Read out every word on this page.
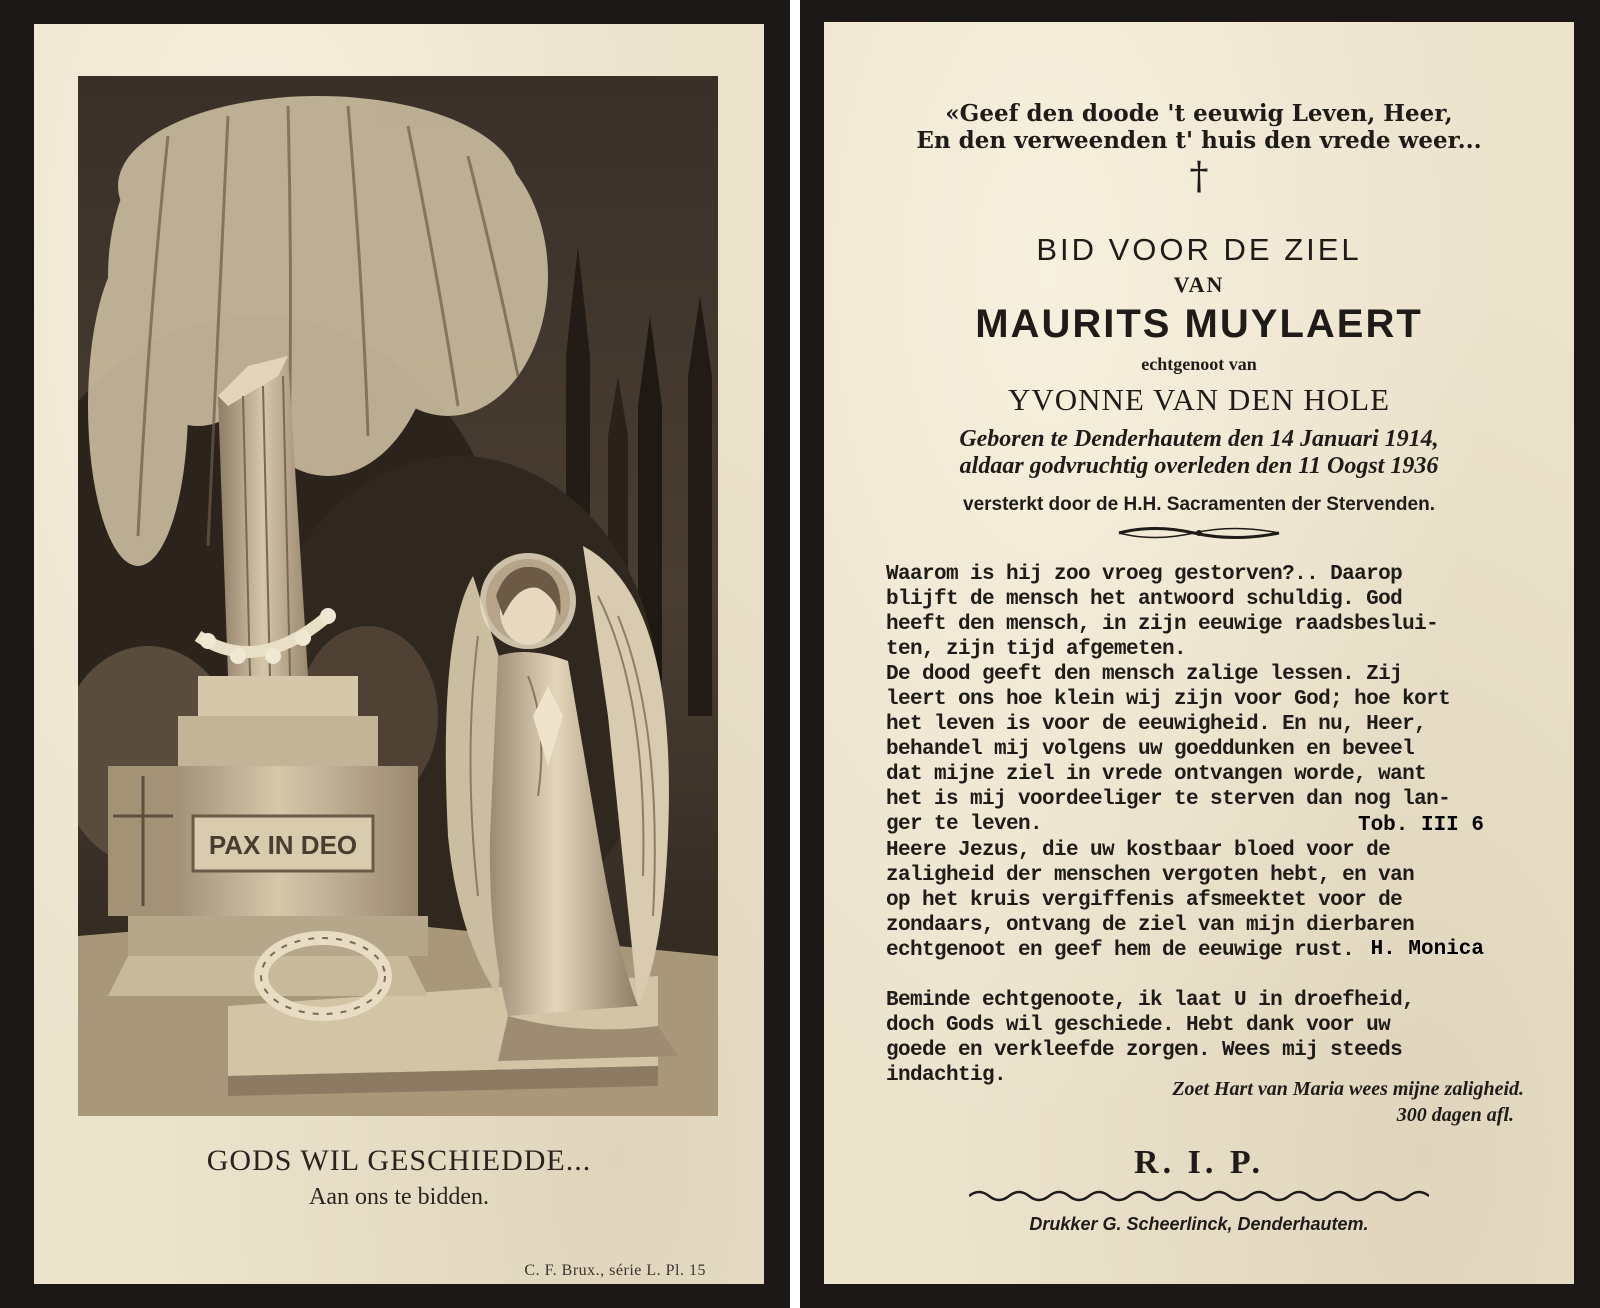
PAX IN DEO
GODS WIL GESCHIEDDE...
Aan ons te bidden.
C. F. Brux., série L. Pl. 15
«Geef den doode 't eeuwig Leven, Heer,
En den verweenden t' huis den vrede weer...
†
BID VOOR DE ZIEL
VAN
MAURITS MUYLAERT
echtgenoot van
YVONNE VAN DEN HOLE
Geboren te Denderhautem den 14 Januari 1914,
aldaar godvruchtig overleden den 11 Oogst 1936
versterkt door de H.H. Sacramenten der Stervenden.
Waarom is hij zoo vroeg gestorven?.. Daarop
blijft de mensch het antwoord schuldig. God
heeft den mensch, in zijn eeuwige raadsbeslui-
ten, zijn tijd afgemeten.
De dood geeft den mensch zalige lessen. Zij
leert ons hoe klein wij zijn voor God; hoe kort
het leven is voor de eeuwigheid. En nu, Heer,
behandel mij volgens uw goeddunken en beveel
dat mijne ziel in vrede ontvangen worde, want
het is mij voordeeliger te sterven dan nog lan-
ger te leven.	Tob. III 6
Heere Jezus, die uw kostbaar bloed voor de
zaligheid der menschen vergoten hebt, en van
op het kruis vergiffenis afsmeektet voor de
zondaars, ontvang de ziel van mijn dierbaren
echtgenoot en geef hem de eeuwige rust. H. Monica
Beminde echtgenoote, ik laat U in droefheid,
doch Gods wil geschiede. Hebt dank voor uw
goede en verkleefde zorgen. Wees mij steeds
indachtig.
Zoet Hart van Maria wees mijne zaligheid.
300 dagen afl.
R. I. P.
Drukker G. Scheerlinck, Denderhautem.
